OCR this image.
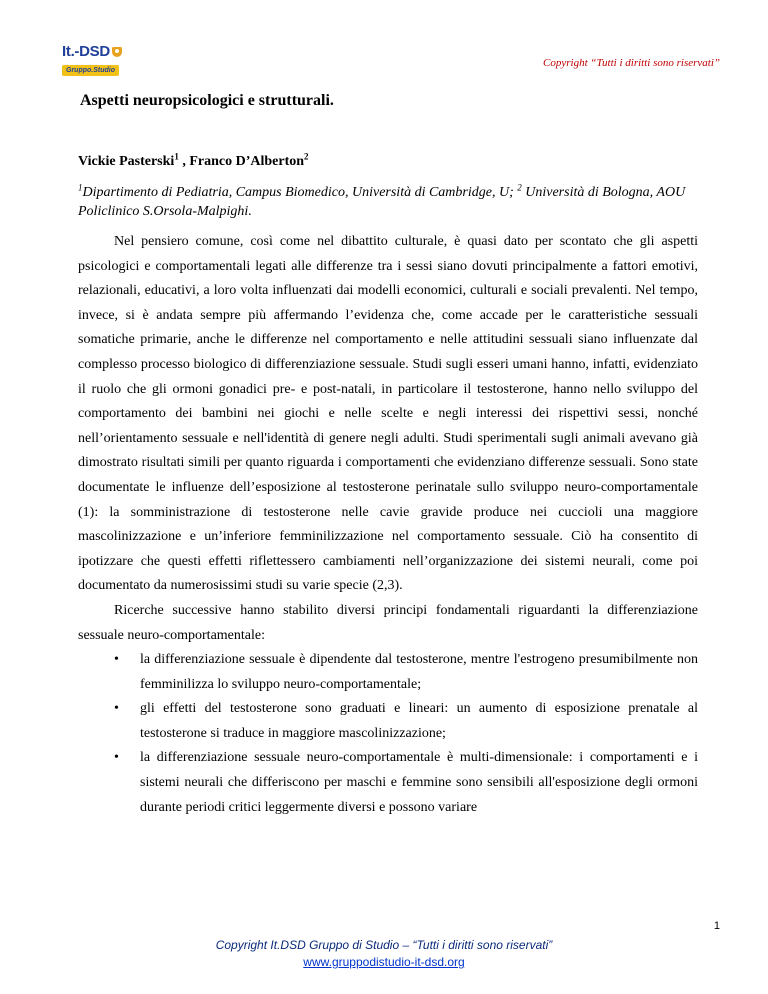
It.-DSD
Gruppo.Studio
Copyright “Tutti i diritti sono riservati”
Aspetti neuropsicologici e strutturali.
Vickie Pasterski$^1$ , Franco D’Alberton$^2$
$^1$Dipartimento di Pediatria, Campus Biomedico, Università di Cambridge, U; $^2$ Università di Bologna, AOU Policlinico S.Orsola-Malpighi.

Nel pensiero comune, così come nel dibattito culturale, è quasi dato per scontato che gli aspetti psicologici e comportamentali legati alle differenze tra i sessi siano dovuti principalmente a fattori emotivi, relazionali, educativi, a loro volta influenzati dai modelli economici, culturali e sociali prevalenti. Nel tempo, invece, si è andata sempre più affermando l’evidenza che, come accade per le caratteristiche sessuali somatiche primarie, anche le differenze nel comportamento e nelle attitudini sessuali siano influenzate dal complesso processo biologico di differenziazione sessuale. Studi sugli esseri umani hanno, infatti, evidenziato il ruolo che gli ormoni gonadici pre- e post-natali, in particolare il testosterone, hanno nello sviluppo del comportamento dei bambini nei giochi e nelle scelte e negli interessi dei rispettivi sessi, nonché nell’orientamento sessuale e nell'identità di genere negli adulti. Studi sperimentali sugli animali avevano già dimostrato risultati simili per quanto riguarda i comportamenti che evidenziano differenze sessuali. Sono state documentate le influenze dell’esposizione al testosterone perinatale sullo sviluppo neuro-comportamentale (1): la somministrazione di testosterone nelle cavie gravide produce nei cuccioli una maggiore mascolinizzazione e un’inferiore femminilizzazione nel comportamento sessuale. Ciò ha consentito di ipotizzare che questi effetti riflettessero cambiamenti nell’organizzazione dei sistemi neurali, come poi documentato da numerosissimi studi su varie specie (2,3).

Ricerche successive hanno stabilito diversi principi fondamentali riguardanti la differenziazione sessuale neuro-comportamentale:

• la differenziazione sessuale è dipendente dal testosterone, mentre l'estrogeno presumibilmente non femminilizza lo sviluppo neuro-comportamentale;
• gli effetti del testosterone sono graduati e lineari: un aumento di esposizione prenatale al testosterone si traduce in maggiore mascolinizzazione;
• la differenziazione sessuale neuro-comportamentale è multi-dimensionale: i comportamenti e i sistemi neurali che differiscono per maschi e femmine sono sensibili all'esposizione degli ormoni durante periodi critici leggermente diversi e possono variare
1
Copyright It.DSD Gruppo di Studio – “Tutti i diritti sono riservati”
www.gruppodistudio-it-dsd.org
